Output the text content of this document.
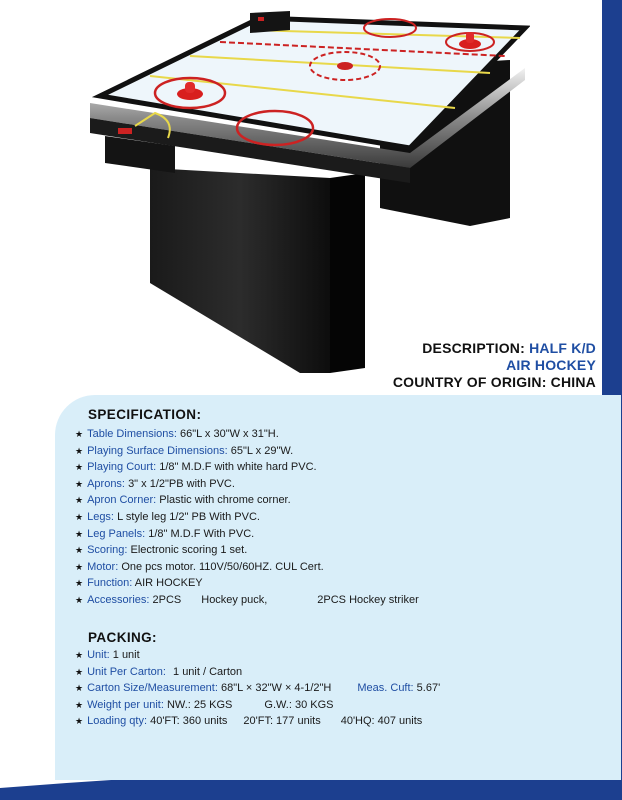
DESCRIPTION: HALF K/D
AIR HOCKEY
COUNTRY OF ORIGIN: CHINA
SPECIFICATION:
★ Table Dimensions: 66"L x 30"W x 31"H.
★ Playing Surface Dimensions: 65"L x 29"W.
★ Playing Court: 1/8" M.D.F with white hard PVC.
★ Aprons: 3" x 1/2"PB with PVC.
★ Apron Corner: Plastic with chrome corner.
★ Legs: L style leg 1/2" PB With PVC.
★ Leg Panels: 1/8" M.D.F With PVC.
★ Scoring: Electronic scoring 1 set.
★ Motor: One pcs motor. 110V/50/60HZ. CUL Cert.
★ Function: AIR HOCKEY
★ Accessories: 2PCS Hockey puck,	2PCS Hockey striker
PACKING:
★ Unit: 1 unit
★ Unit Per Carton: 1 unit / Carton
★ Carton Size/Measurement: 68"L × 32"W × 4-1/2"H Meas. Cuft: 5.67'
★ Weight per unit: NW.: 25 KGS	G.W.: 30 KGS
★ Loading qty: 40'FT: 360 units 20'FT: 177 units 40'HQ: 407 units
